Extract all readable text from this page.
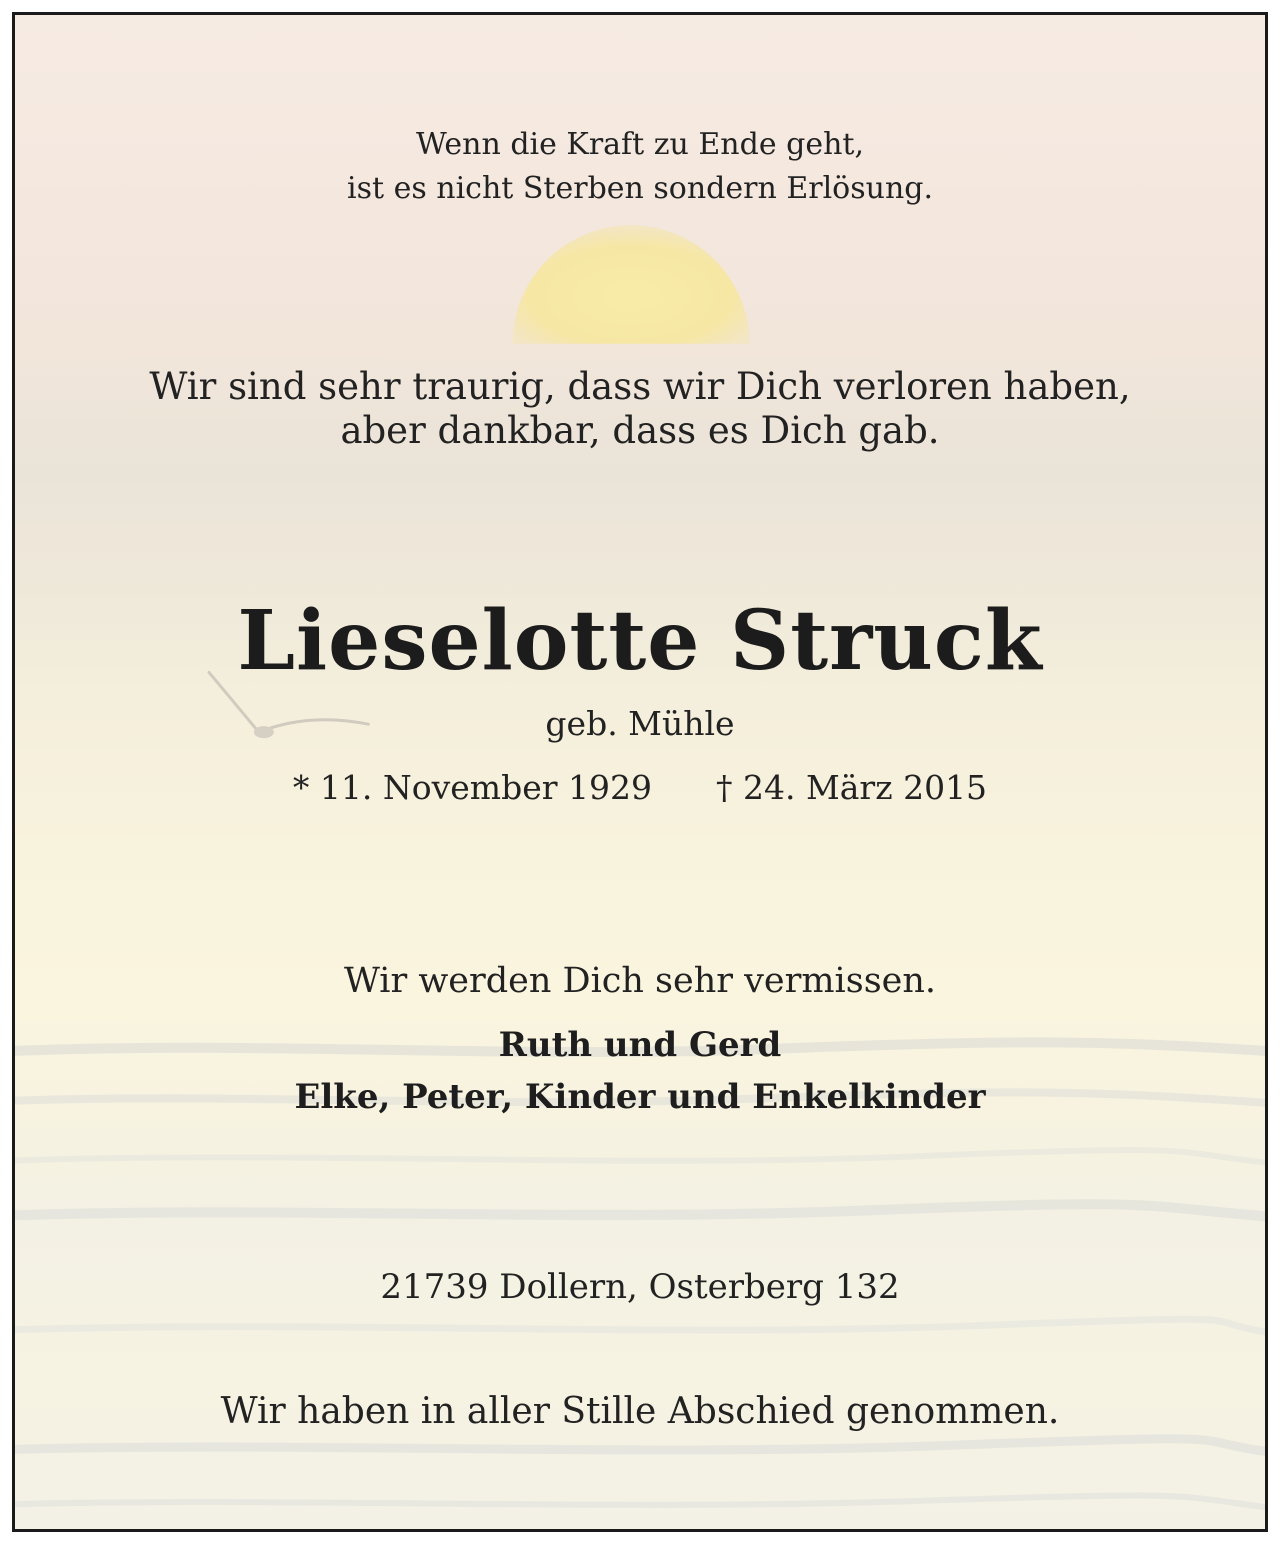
Wenn die Kraft zu Ende geht,
ist es nicht Sterben sondern Erlösung.

Wir sind sehr traurig, dass wir Dich verloren haben,
aber dankbar, dass es Dich gab.

Lieselotte Struck

geb. Mühle

* 11. November 1929 † 24. März 2015

Wir werden Dich sehr vermissen.

Ruth und Gerd
Elke, Peter, Kinder und Enkelkinder

21739 Dollern, Osterberg 132

Wir haben in aller Stille Abschied genommen.
